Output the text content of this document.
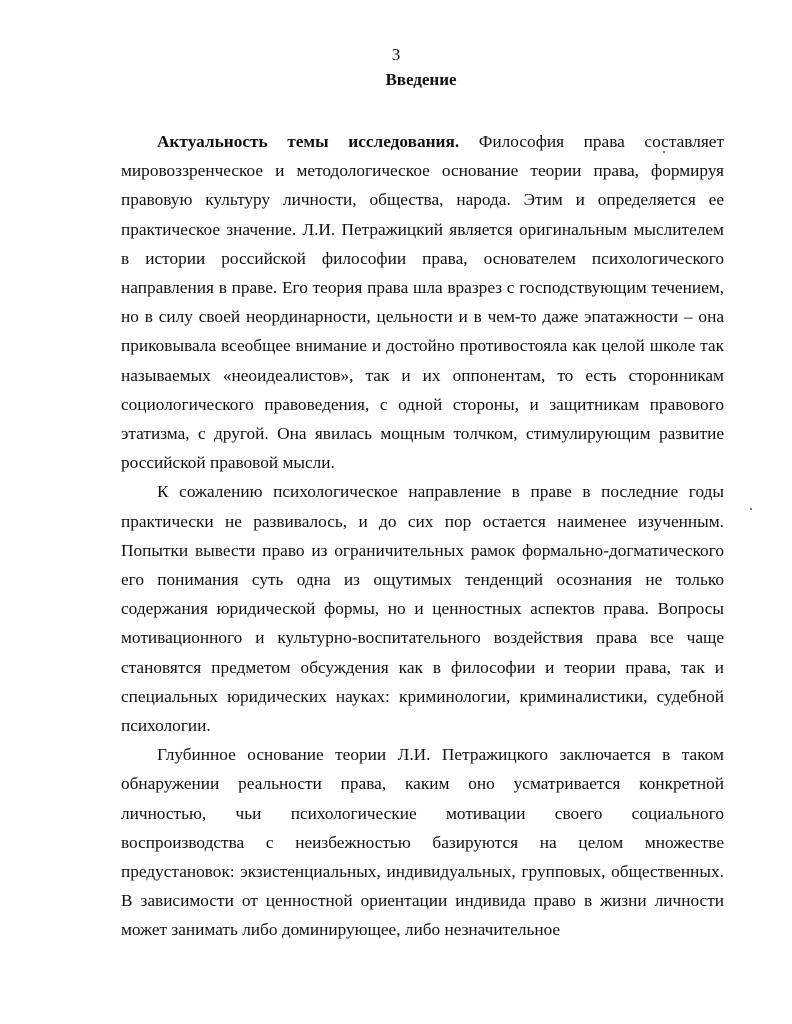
3
Введение

Актуальность темы исследования. Философия права составляет мировоззренческое и методологическое основание теории права, формируя правовую культуру личности, общества, народа. Этим и определяется ее практическое значение. Л.И. Петражицкий является оригинальным мыслителем в истории российской философии права, основателем психологического направления в праве. Его теория права шла вразрез с господствующим течением, но в силу своей неординарности, цельности и в чем-то даже эпатажности – она приковывала всеобщее внимание и достойно противостояла как целой школе так называемых «неоидеалистов», так и их оппонентам, то есть сторонникам социологического правоведения, с одной стороны, и защитникам правового этатизма, с другой. Она явилась мощным толчком, стимулирующим развитие российской правовой мысли.

К сожалению психологическое направление в праве в последние годы практически не развивалось, и до сих пор остается наименее изученным. Попытки вывести право из ограничительных рамок формально-догматического его понимания суть одна из ощутимых тенденций осознания не только содержания юридической формы, но и ценностных аспектов права. Вопросы мотивационного и культурно-воспитательного воздействия права все чаще становятся предметом обсуждения как в философии и теории права, так и специальных юридических науках: криминологии, криминалистики, судебной психологии.

Глубинное основание теории Л.И. Петражицкого заключается в таком обнаружении реальности права, каким оно усматривается конкретной личностью, чьи психологические мотивации своего социального воспроизводства с неизбежностью базируются на целом множестве предустановок: экзистенциальных, индивидуальных, групповых, общественных. В зависимости от ценностной ориентации индивида право в жизни личности может занимать либо доминирующее, либо незначительное
